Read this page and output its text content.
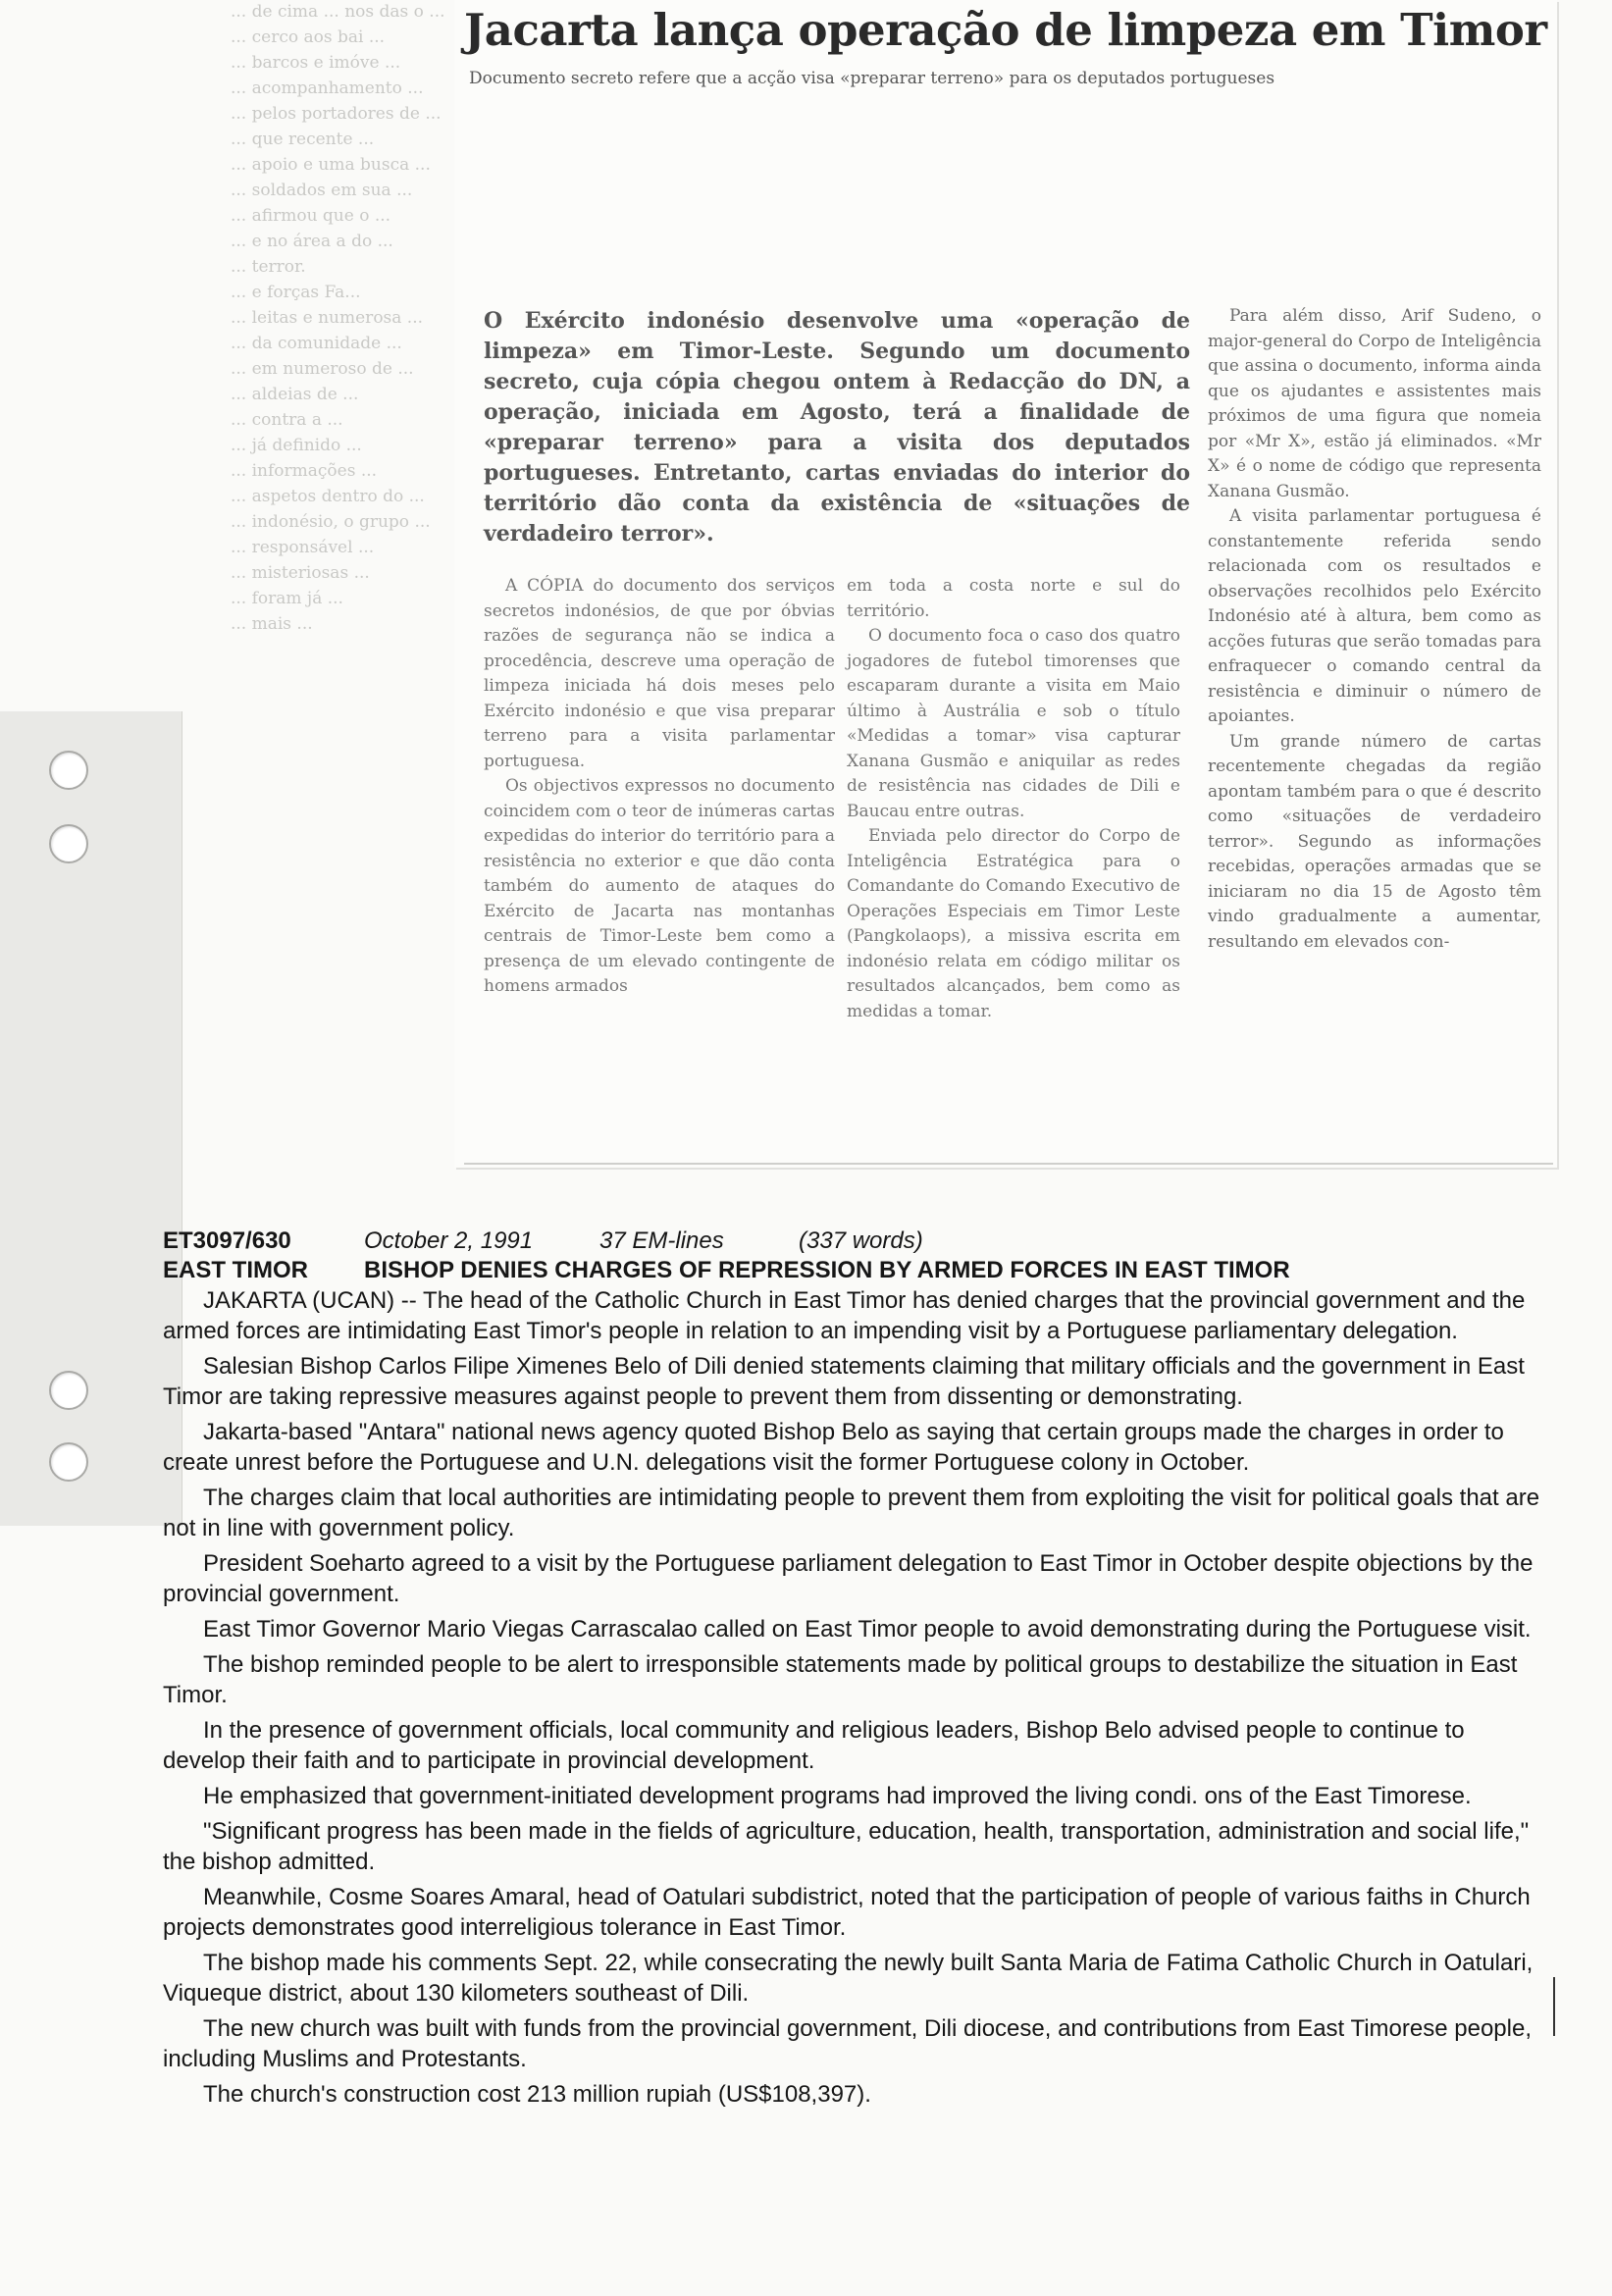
... de cima ... nos das o ...

... cerco aos bai ...

... barcos e imóve ...

... acompanhamento ...

... pelos portadores de ...

... que recente ...

... apoio e uma busca ...

... soldados em sua ...

... afirmou que o ...

... e no área a do ...

... terror.

... e forças Fa...

... leitas e numerosa ...

... da comunidade ...

... em numeroso de ...

... aldeias de ...

... contra a ...

... já definido ...

... informações ...

... aspetos dentro do ...

... indonésio, o grupo ...

... responsável ...

... misteriosas ...

... foram já ...

... mais ...

Jacarta lança operação de limpeza em Timor
Documento secreto refere que a acção visa «preparar terreno» para os deputados portugueses
O Exército indonésio desenvolve uma «operação de limpeza» em Timor-Leste. Segundo um documento secreto, cuja cópia chegou ontem à Redacção do DN, a operação, iniciada em Agosto, terá a finalidade de «preparar terreno» para a visita dos deputados portugueses. Entretanto, cartas enviadas do interior do território dão conta da existência de «situações de verdadeiro terror».

A CÓPIA do documento dos serviços secretos indonésios, de que por óbvias razões de segurança não se indica a procedência, descreve uma operação de limpeza iniciada há dois meses pelo Exército indonésio e que visa preparar terreno para a visita parlamentar portuguesa.

Os objectivos expressos no documento coincidem com o teor de inúmeras cartas expedidas do interior do território para a resistência no exterior e que dão conta também do aumento de ataques do Exército de Jacarta nas montanhas centrais de Timor-Leste bem como a presença de um elevado contingente de homens armados

em toda a costa norte e sul do território.

O documento foca o caso dos quatro jogadores de futebol timorenses que escaparam durante a visita em Maio último à Austrália e sob o título «Medidas a tomar» visa capturar Xanana Gusmão e aniquilar as redes de resistência nas cidades de Dili e Baucau entre outras.

Enviada pelo director do Corpo de Inteligência Estratégica para o Comandante do Comando Executivo de Operações Especiais em Timor Leste (Pangkolaops), a missiva escrita em indonésio relata em código militar os resultados alcançados, bem como as medidas a tomar.

Para além disso, Arif Sudeno, o major-general do Corpo de Inteligência que assina o documento, informa ainda que os ajudantes e assistentes mais próximos de uma figura que nomeia por «Mr X», estão já eliminados. «Mr X» é o nome de código que representa Xanana Gusmão.

A visita parlamentar portuguesa é constantemente referida sendo relacionada com os resultados e observações recolhidos pelo Exército Indonésio até à altura, bem como as acções futuras que serão tomadas para enfraquecer o comando central da resistência e diminuir o número de apoiantes.

Um grande número de cartas recentemente chegadas da região apontam também para o que é descrito como «situações de verdadeiro terror». Segundo as informações recebidas, operações armadas que se iniciaram no dia 15 de Agosto têm vindo gradualmente a aumentar, resultando em elevados con-

ET3097/630	October 2, 1991	37 EM-lines	(337 words)
EAST TIMOR BISHOP DENIES CHARGES OF REPRESSION BY ARMED FORCES IN EAST TIMOR

JAKARTA (UCAN) -- The head of the Catholic Church in East Timor has denied charges that the provincial government and the armed forces are intimidating East Timor's people in relation to an impending visit by a Portuguese parliamentary delegation.

Salesian Bishop Carlos Filipe Ximenes Belo of Dili denied statements claiming that military officials and the government in East Timor are taking repressive measures against people to prevent them from dissenting or demonstrating.

Jakarta-based "Antara" national news agency quoted Bishop Belo as saying that certain groups made the charges in order to create unrest before the Portuguese and U.N. delegations visit the former Portuguese colony in October.

The charges claim that local authorities are intimidating people to prevent them from exploiting the visit for political goals that are not in line with government policy.

President Soeharto agreed to a visit by the Portuguese parliament delegation to East Timor in October despite objections by the provincial government.

East Timor Governor Mario Viegas Carrascalao called on East Timor people to avoid demonstrating during the Portuguese visit.

The bishop reminded people to be alert to irresponsible statements made by political groups to destabilize the situation in East Timor.

In the presence of government officials, local community and religious leaders, Bishop Belo advised people to continue to develop their faith and to participate in provincial development.

He emphasized that government-initiated development programs had improved the living condi. ons of the East Timorese.

"Significant progress has been made in the fields of agriculture, education, health, transportation, administration and social life," the bishop admitted.

Meanwhile, Cosme Soares Amaral, head of Oatulari subdistrict, noted that the participation of people of various faiths in Church projects demonstrates good interreligious tolerance in East Timor.

The bishop made his comments Sept. 22, while consecrating the newly built Santa Maria de Fatima Catholic Church in Oatulari, Viqueque district, about 130 kilometers southeast of Dili.

The new church was built with funds from the provincial government, Dili diocese, and contributions from East Timorese people, including Muslims and Protestants.

The church's construction cost 213 million rupiah (US$108,397).
